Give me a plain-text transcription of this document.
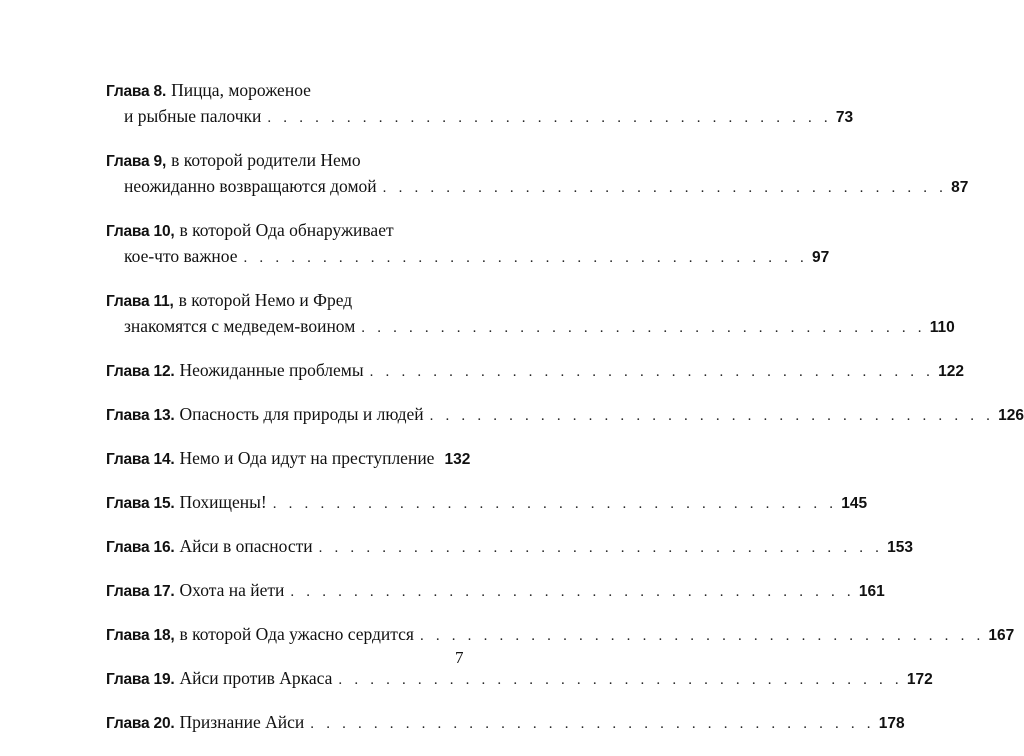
Глава 8. Пицца, мороженое
и рыбные палочки . . . . . . . . . . . . . . . . . . . . . . . . . . . . . . . . . . . . 73
Глава 9, в которой родители Немо
неожиданно возвращаются домой . . . . . . . . . . . . . . . . . . . . . . . . . . . . . . . . . . . . 87
Глава 10, в которой Ода обнаруживает
кое-что важное . . . . . . . . . . . . . . . . . . . . . . . . . . . . . . . . . . . . 97
Глава 11, в которой Немо и Фред
знакомятся с медведем-воином . . . . . . . . . . . . . . . . . . . . . . . . . . . . . . . . . . . . 110
Глава 12. Неожиданные проблемы . . . . . . . . . . . . . . . . . . . . . . . . . . . . . . . . . . . . 122
Глава 13. Опасность для природы и людей . . . . . . . . . . . . . . . . . . . . . . . . . . . . . . . . . . . . 126
Глава 14. Немо и Ода идут на преступление 132
Глава 15. Похищены! . . . . . . . . . . . . . . . . . . . . . . . . . . . . . . . . . . . . 145
Глава 16. Айси в опасности . . . . . . . . . . . . . . . . . . . . . . . . . . . . . . . . . . . . 153
Глава 17. Охота на йети . . . . . . . . . . . . . . . . . . . . . . . . . . . . . . . . . . . . 161
Глава 18, в которой Ода ужасно сердится . . . . . . . . . . . . . . . . . . . . . . . . . . . . . . . . . . . . 167
Глава 19. Айси против Аркаса . . . . . . . . . . . . . . . . . . . . . . . . . . . . . . . . . . . . 172
Глава 20. Признание Айси . . . . . . . . . . . . . . . . . . . . . . . . . . . . . . . . . . . . 178
7
